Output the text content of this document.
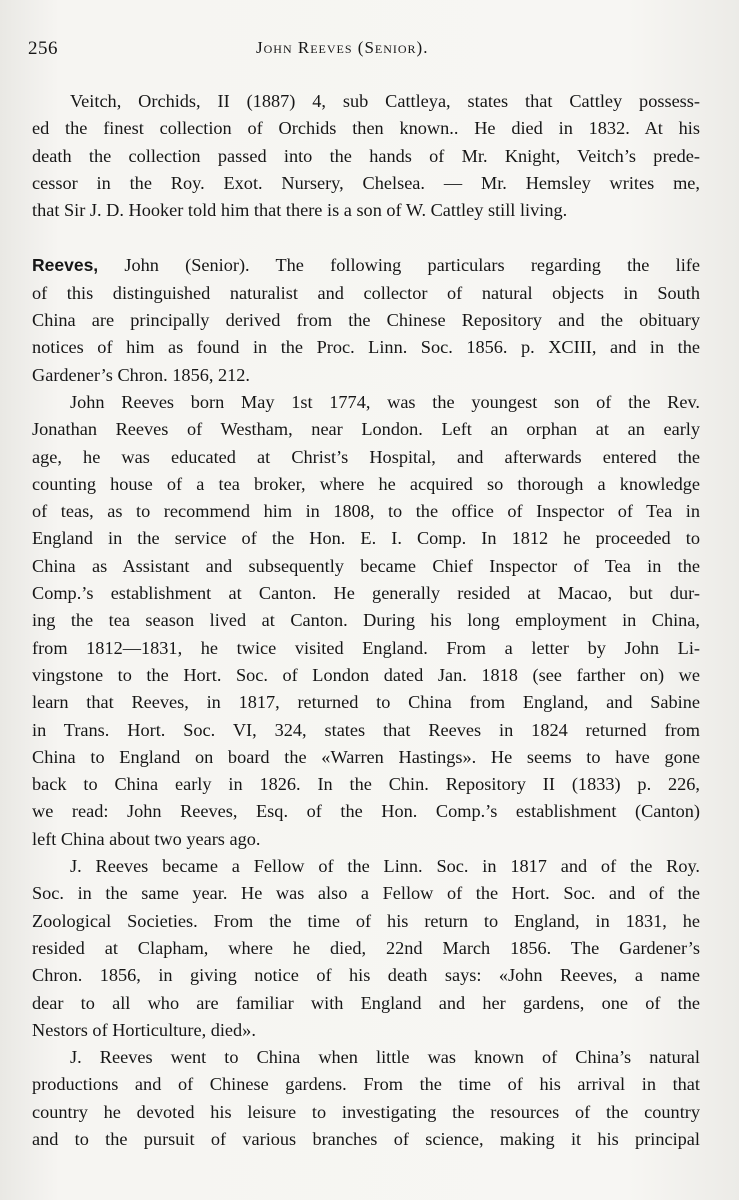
256	John Reeves (Senior).
Veitch, Orchids, II (1887) 4, sub Cattleya, states that Cattley possess-
ed the finest collection of Orchids then known.. He died in 1832. At his
death the collection passed into the hands of Mr. Knight, Veitch’s prede-
cessor in the Roy. Exot. Nursery, Chelsea. — Mr. Hemsley writes me,
that Sir J. D. Hooker told him that there is a son of W. Cattley still living.
Reeves, John (Senior). The following particulars regarding the life
of this distinguished naturalist and collector of natural objects in South
China are principally derived from the Chinese Repository and the obituary
notices of him as found in the Proc. Linn. Soc. 1856. p. XCIII, and in the
Gardener’s Chron. 1856, 212.
John Reeves born May 1st 1774, was the youngest son of the Rev.
Jonathan Reeves of Westham, near London. Left an orphan at an early
age, he was educated at Christ’s Hospital, and afterwards entered the
counting house of a tea broker, where he acquired so thorough a knowledge
of teas, as to recommend him in 1808, to the office of Inspector of Tea in
England in the service of the Hon. E. I. Comp. In 1812 he proceeded to
China as Assistant and subsequently became Chief Inspector of Tea in the
Comp.’s establishment at Canton. He generally resided at Macao, but dur-
ing the tea season lived at Canton. During his long employment in China,
from 1812—1831, he twice visited England. From a letter by John Li-
vingstone to the Hort. Soc. of London dated Jan. 1818 (see farther on) we
learn that Reeves, in 1817, returned to China from England, and Sabine
in Trans. Hort. Soc. VI, 324, states that Reeves in 1824 returned from
China to England on board the «Warren Hastings». He seems to have gone
back to China early in 1826. In the Chin. Repository II (1833) p. 226,
we read: John Reeves, Esq. of the Hon. Comp.’s establishment (Canton)
left China about two years ago.
J. Reeves became a Fellow of the Linn. Soc. in 1817 and of the Roy.
Soc. in the same year. He was also a Fellow of the Hort. Soc. and of the
Zoological Societies. From the time of his return to England, in 1831, he
resided at Clapham, where he died, 22nd March 1856. The Gardener’s
Chron. 1856, in giving notice of his death says: «John Reeves, a name
dear to all who are familiar with England and her gardens, one of the
Nestors of Horticulture, died».
J. Reeves went to China when little was known of China’s natural
productions and of Chinese gardens. From the time of his arrival in that
country he devoted his leisure to investigating the resources of the country
and to the pursuit of various branches of science, making it his principal
